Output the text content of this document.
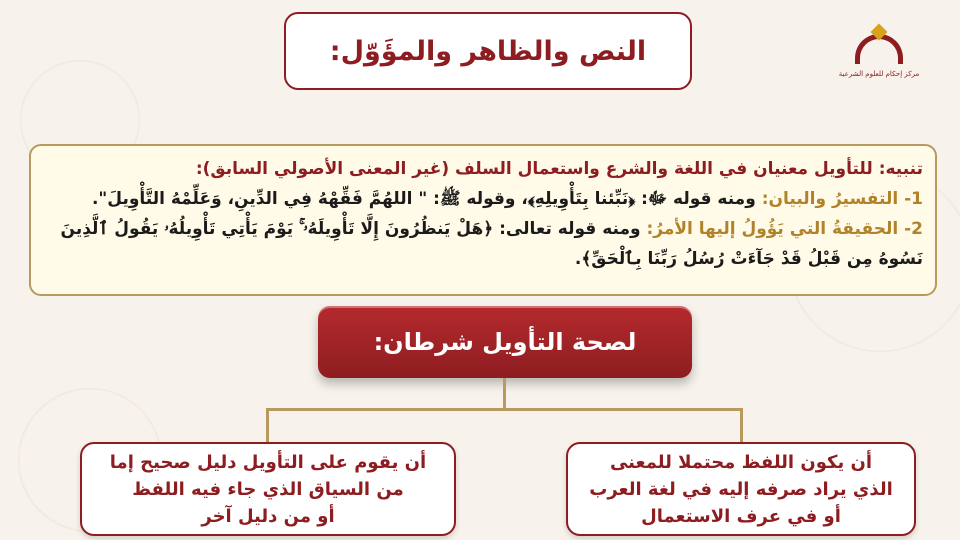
النص والظاهر والمؤَوّل:
مركز إحكام للعلوم الشرعية

تنبيه: للتأويل معنيان في اللغة والشرع واستعمال السلف (غير المعنى الأصولي السابق):

1- التفسيرُ والبيان: ومنه قوله ﷻ: ﴿نَبِّئنا بِتَأْوِيلِهِ﴾، وقوله ﷺ: " اللهُمَّ فَقِّهْهُ فِي الدِّينِ، وَعَلِّمْهُ التَّأْوِيلَ".

2- الحقيقةُ التي يَؤُولُ إليها الأمرُ: ومنه قوله تعالى: ﴿هَلْ يَنظُرُونَ إِلَّا تَأْوِيلَهُۥ ۚ يَوْمَ يَأْتِي تَأْوِيلُهُۥ يَقُولُ ٱلَّذِينَ

نَسُوهُ مِن قَبْلُ قَدْ جَآءَتْ رُسُلُ رَبِّنَا بِٱلْحَقِّ﴾.

لصحة التأويل شرطان:
أن يكون اللفظ محتملا للمعنى
الذي يراد صرفه إليه في لغة العرب
أو في عرف الاستعمال
أن يقوم على التأويل دليل صحيح إما
من السياق الذي جاء فيه اللفظ
أو من دليل آخر
